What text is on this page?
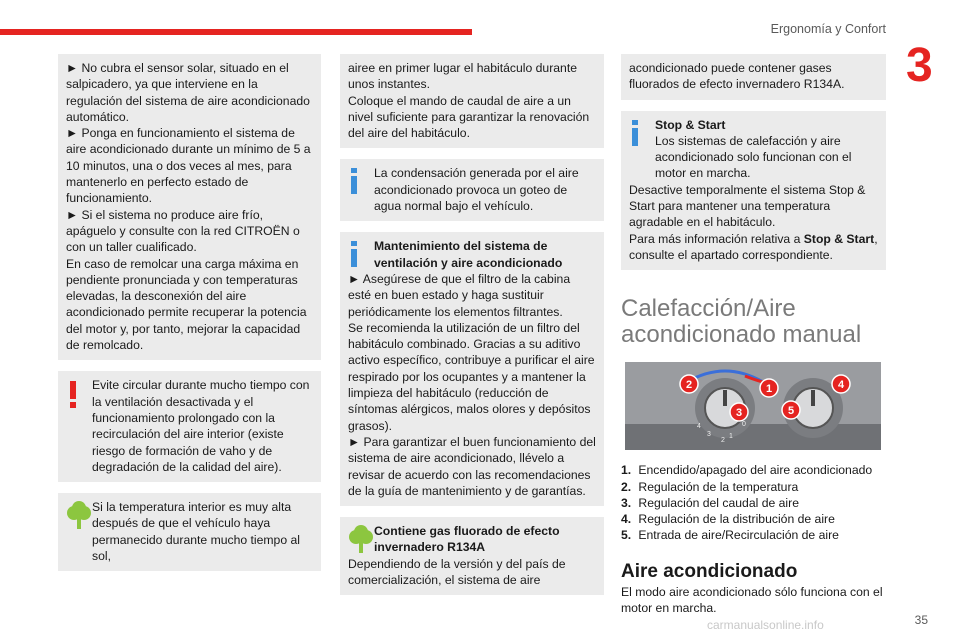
Ergonomía y Confort
3

► No cubra el sensor solar, situado en el salpicadero, ya que interviene en la regulación del sistema de aire acondicionado automático.

► Ponga en funcionamiento el sistema de aire acondicionado durante un mínimo de 5 a 10 minutos, una o dos veces al mes, para mantenerlo en perfecto estado de funcionamiento.

► Si el sistema no produce aire frío, apáguelo y consulte con la red CITROËN o con un taller cualificado.

En caso de remolcar una carga máxima en pendiente pronunciada y con temperaturas elevadas, la desconexión del aire acondicionado permite recuperar la potencia del motor y, por tanto, mejorar la capacidad de remolcado.

Evite circular durante mucho tiempo con la ventilación desactivada y el funcionamiento prolongado con la recirculación del aire interior (existe riesgo de formación de vaho y de degradación de la calidad del aire).

Si la temperatura interior es muy alta después de que el vehículo haya permanecido durante mucho tiempo al sol,

airee en primer lugar el habitáculo durante unos instantes.

Coloque el mando de caudal de aire a un nivel suficiente para garantizar la renovación del aire del habitáculo.

La condensación generada por el aire acondicionado provoca un goteo de agua normal bajo el vehículo.

Mantenimiento del sistema de ventilación y aire acondicionado

► Asegúrese de que el filtro de la cabina esté en buen estado y haga sustituir periódicamente los elementos filtrantes.

Se recomienda la utilización de un filtro del habitáculo combinado. Gracias a su aditivo activo específico, contribuye a purificar el aire respirado por los ocupantes y a mantener la limpieza del habitáculo (reducción de síntomas alérgicos, malos olores y depósitos grasos).

► Para garantizar el buen funcionamiento del sistema de aire acondicionado, llévelo a revisar de acuerdo con las recomendaciones de la guía de mantenimiento y de garantías.

Contiene gas fluorado de efecto invernadero R134A

Dependiendo de la versión y del país de comercialización, el sistema de aire

acondicionado puede contener gases fluorados de efecto invernadero R134A.

Stop & Start

Los sistemas de calefacción y aire acondicionado solo funcionan con el motor en marcha.

Desactive temporalmente el sistema Stop & Start para mantener una temperatura agradable en el habitáculo.

Para más información relativa a Stop & Start, consulte el apartado correspondiente.

Calefacción/Aire acondicionado manual
1
2
3
4
5
0
1
2
3
4
1. Encendido/apagado del aire acondicionado
2. Regulación de la temperatura
3. Regulación del caudal de aire
4. Regulación de la distribución de aire
5. Entrada de aire/Recirculación de aire
Aire acondicionado

El modo aire acondicionado sólo funciona con el motor en marcha.

carmanualsonline.info	35
